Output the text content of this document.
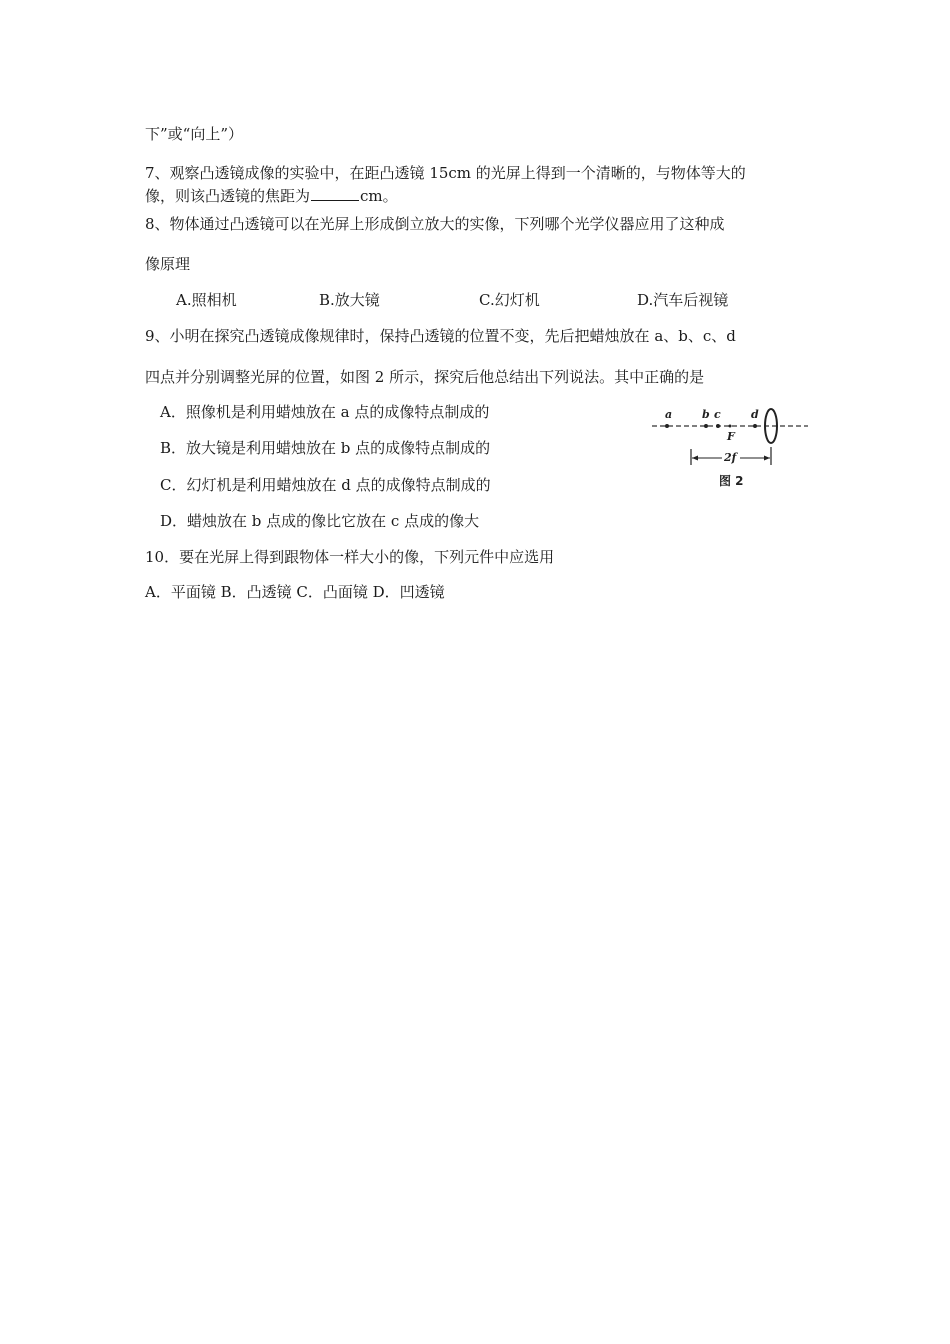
下”或“向上”）
7、观察凸透镜成像的实验中，在距凸透镜 15cm 的光屏上得到一个清晰的，与物体等大的
像，则该凸透镜的焦距为	cm。
8、物体通过凸透镜可以在光屏上形成倒立放大的实像，下列哪个光学仪器应用了这种成
像原理
A.照相机	B.放大镜	C.幻灯机	D.汽车后视镜
9、小明在探究凸透镜成像规律时，保持凸透镜的位置不变，先后把蜡烛放在 a、b、c、d
四点并分别调整光屏的位置，如图 2 所示，探究后他总结出下列说法。其中正确的是
A．照像机是利用蜡烛放在 a 点的成像特点制成的
B．放大镜是利用蜡烛放在 b 点的成像特点制成的
C．幻灯机是利用蜡烛放在 d 点的成像特点制成的
D．蜡烛放在 b 点成的像比它放在 c 点成的像大
a	b c	d
F
2f
图 2
10．要在光屏上得到跟物体一样大小的像，下列元件中应选用
A．平面镜 B．凸透镜 C．凸面镜 D．凹透镜
